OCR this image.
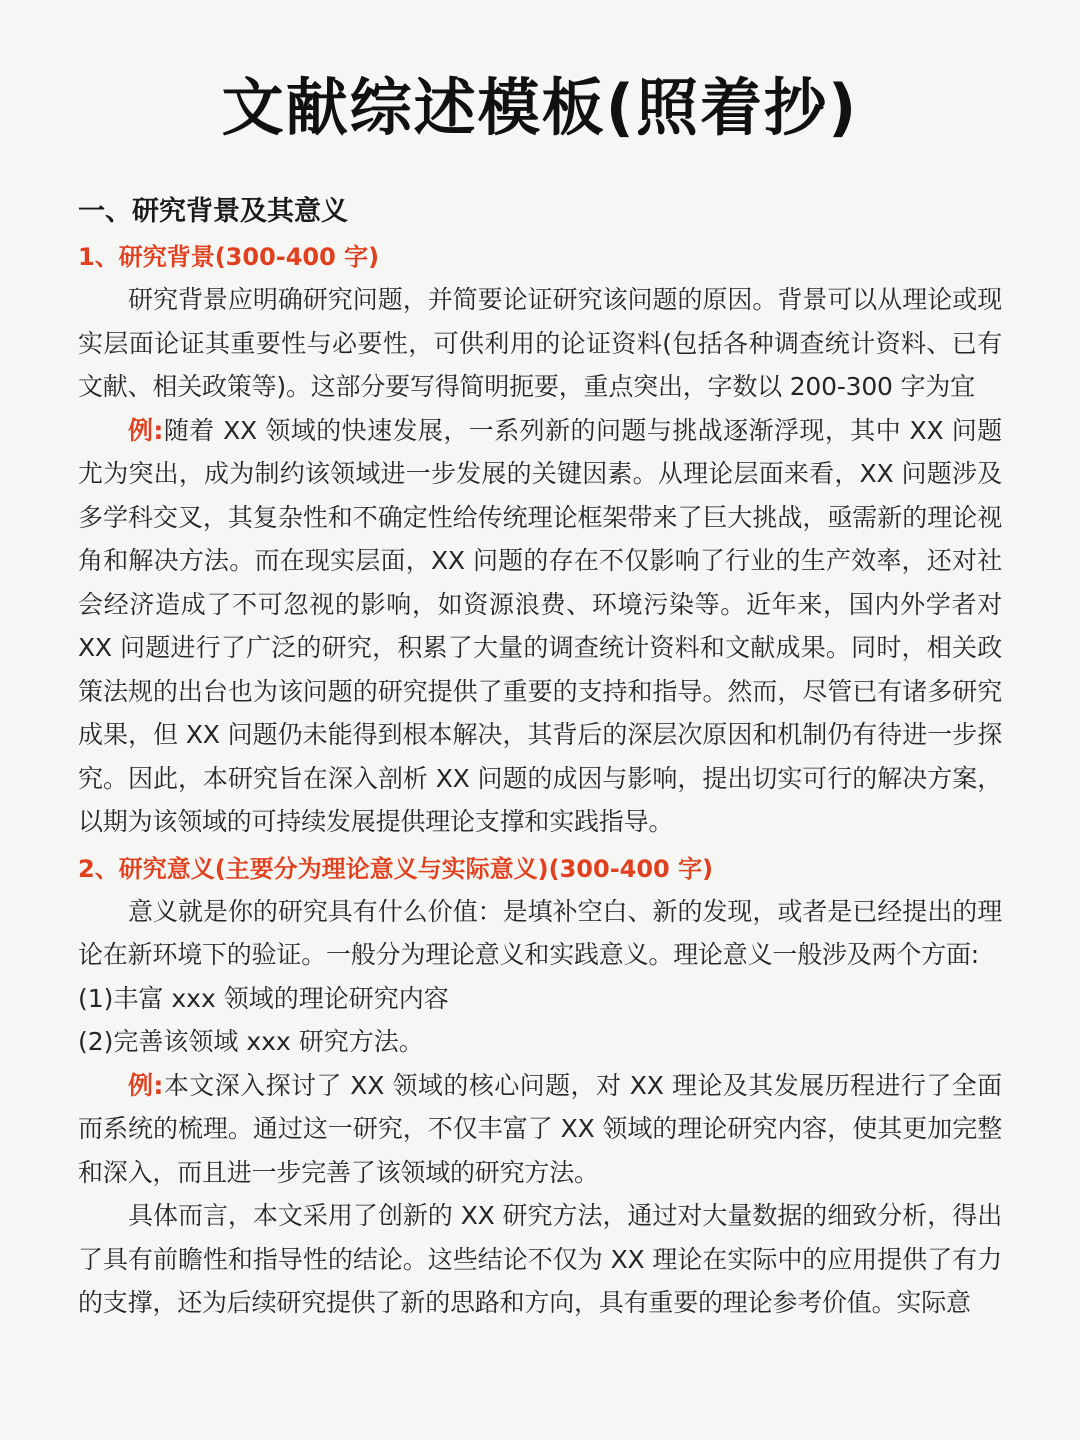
文献综述模板(照着抄)
一、研究背景及其意义
1、研究背景(300-400 字)

研究背景应明确研究问题，并简要论证研究该问题的原因。背景可以从理论或现实层面论证其重要性与必要性，可供利用的论证资料(包括各种调查统计资料、已有文献、相关政策等)。这部分要写得简明扼要，重点突出，字数以 200-300 字为宜

例:随着 XX 领域的快速发展，一系列新的问题与挑战逐渐浮现，其中 XX 问题尤为突出，成为制约该领域进一步发展的关键因素。从理论层面来看，XX 问题涉及多学科交叉，其复杂性和不确定性给传统理论框架带来了巨大挑战，亟需新的理论视角和解决方法。而在现实层面，XX 问题的存在不仅影响了行业的生产效率，还对社会经济造成了不可忽视的影响，如资源浪费、环境污染等。近年来，国内外学者对 XX 问题进行了广泛的研究，积累了大量的调查统计资料和文献成果。同时，相关政策法规的出台也为该问题的研究提供了重要的支持和指导。然而，尽管已有诸多研究成果，但 XX 问题仍未能得到根本解决，其背后的深层次原因和机制仍有待进一步探究。因此，本研究旨在深入剖析 XX 问题的成因与影响，提出切实可行的解决方案，以期为该领域的可持续发展提供理论支撑和实践指导。

2、研究意义(主要分为理论意义与实际意义)(300-400 字)

意义就是你的研究具有什么价值：是填补空白、新的发现，或者是已经提出的理论在新环境下的验证。一般分为理论意义和实践意义。理论意义一般涉及两个方面:

(1)丰富 xxx 领域的理论研究内容

(2)完善该领域 xxx 研究方法。

例:本文深入探讨了 XX 领域的核心问题，对 XX 理论及其发展历程进行了全面而系统的梳理。通过这一研究，不仅丰富了 XX 领域的理论研究内容，使其更加完整和深入，而且进一步完善了该领域的研究方法。

具体而言，本文采用了创新的 XX 研究方法，通过对大量数据的细致分析，得出了具有前瞻性和指导性的结论。这些结论不仅为 XX 理论在实际中的应用提供了有力的支撑，还为后续研究提供了新的思路和方向，具有重要的理论参考价值。实际意
